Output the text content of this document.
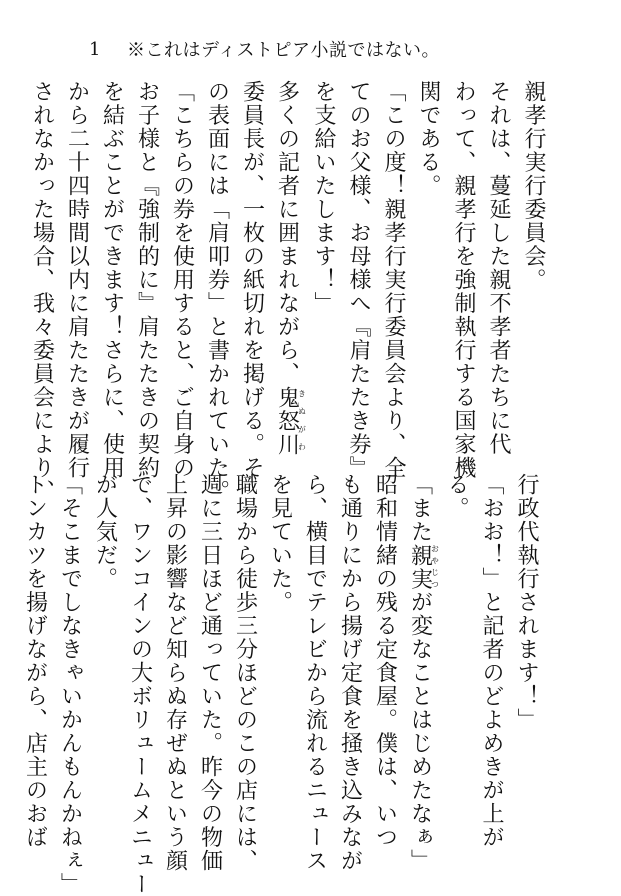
1 ※これはディストピア小説ではない。
親孝行実行委員会。
それは、蔓延した親不孝者たちに代
わって、親孝行を強制執行する国家機
関である。
「この度！親孝行実行委員会より、全
てのお父様、お母様へ『肩たたき券』
を支給いたします！」
多くの記者に囲まれながら、鬼怒川きぬがわ
委員長が、一枚の紙切れを掲げる。そ
の表面には「肩叩券」と書かれていた。
「こちらの券を使用すると、ご自身の
お子様と『強制的に』肩たたきの契約
を結ぶことができます！さらに、使用
から二十四時間以内に肩たたきが履行
されなかった場合、我々委員会により、
行政代執行されます！」
「おお！」と記者のどよめきが上が
る。
「また親実おやじつが変なことはじめたなぁ」
昭和情緒の残る定食屋。僕は、いつ
も通りにから揚げ定食を掻き込みなが
ら、横目でテレビから流れるニュース
を見ていた。
職場から徒歩三分ほどのこの店には、
週に三日ほど通っていた。昨今の物価
上昇の影響など知らぬ存ぜぬという顔
で、ワンコインの大ボリュームメニュー
が人気だ。
「そこまでしなきゃいかんもんかねぇ」
トンカツを揚げながら、店主のおば
